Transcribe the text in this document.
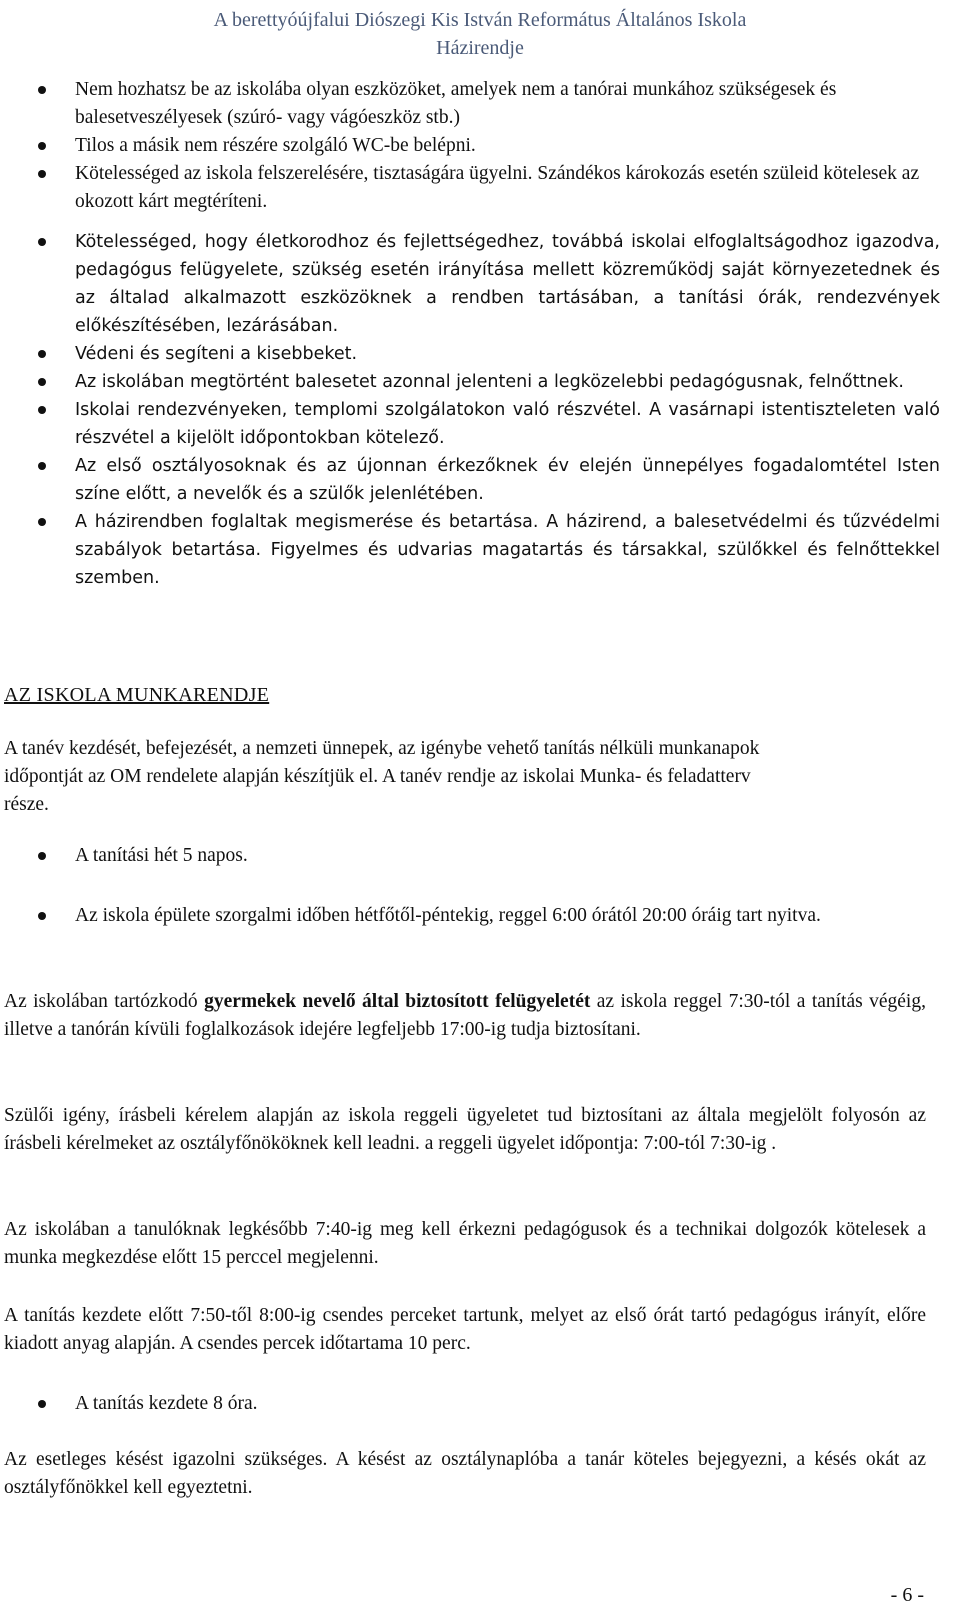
A berettyóújfalui Diószegi Kis István Református Általános Iskola
Házirendje
Nem hozhatsz be az iskolába olyan eszközöket, amelyek nem a tanórai munkához szükségesek és balesetveszélyesek (szúró- vagy vágóeszköz stb.)
Tilos a másik nem részére szolgáló WC-be belépni.
Kötelességed az iskola felszerelésére, tisztaságára ügyelni. Szándékos károkozás esetén szüleid kötelesek az okozott kárt megtéríteni.
Kötelességed, hogy életkorodhoz és fejlettségedhez, továbbá iskolai elfoglaltságodhoz igazodva, pedagógus felügyelete, szükség esetén irányítása mellett közreműködj saját környezetednek és az általad alkalmazott eszközöknek a rendben tartásában, a tanítási órák, rendezvények előkészítésében, lezárásában.
Védeni és segíteni a kisebbeket.
Az iskolában megtörtént balesetet azonnal jelenteni a legközelebbi pedagógusnak, felnőttnek.
Iskolai rendezvényeken, templomi szolgálatokon való részvétel. A vasárnapi istentiszteleten való részvétel a kijelölt időpontokban kötelező.
Az első osztályosoknak és az újonnan érkezőknek év elején ünnepélyes fogadalomtétel Isten színe előtt, a nevelők és a szülők jelenlétében.
A házirendben foglaltak megismerése és betartása. A házirend, a balesetvédelmi és tűzvédelmi szabályok betartása. Figyelmes és udvarias magatartás és társakkal, szülőkkel és felnőttekkel szemben.
AZ ISKOLA MUNKARENDJE
A tanév kezdését, befejezését, a nemzeti ünnepek, az igénybe vehető tanítás nélküli munkanapok időpontját az OM rendelete alapján készítjük el. A tanév rendje az iskolai Munka- és feladatterv része.
A tanítási hét 5 napos.
Az iskola épülete szorgalmi időben hétfőtől-péntekig, reggel 6:00 órától 20:00 óráig tart nyitva.
Az iskolában tartózkodó gyermekek nevelő által biztosított felügyeletét az iskola reggel 7:30-tól a tanítás végéig, illetve a tanórán kívüli foglalkozások idejére legfeljebb 17:00-ig tudja biztosítani.
Szülői igény, írásbeli kérelem alapján az iskola reggeli ügyeletet tud biztosítani az általa megjelölt folyosón az írásbeli kérelmeket az osztályfőnököknek kell leadni. a reggeli ügyelet időpontja: 7:00-tól 7:30-ig .
Az iskolában a tanulóknak legkésőbb 7:40-ig meg kell érkezni pedagógusok és a technikai dolgozók kötelesek a munka megkezdése előtt 15 perccel megjelenni.
A tanítás kezdete előtt 7:50-től 8:00-ig csendes perceket tartunk, melyet az első órát tartó pedagógus irányít, előre kiadott anyag alapján. A csendes percek időtartama 10 perc.
A tanítás kezdete 8 óra.
Az esetleges késést igazolni szükséges. A késést az osztálynaplóba a tanár köteles bejegyezni, a késés okát az osztályfőnökkel kell egyeztetni.
- 6 -
